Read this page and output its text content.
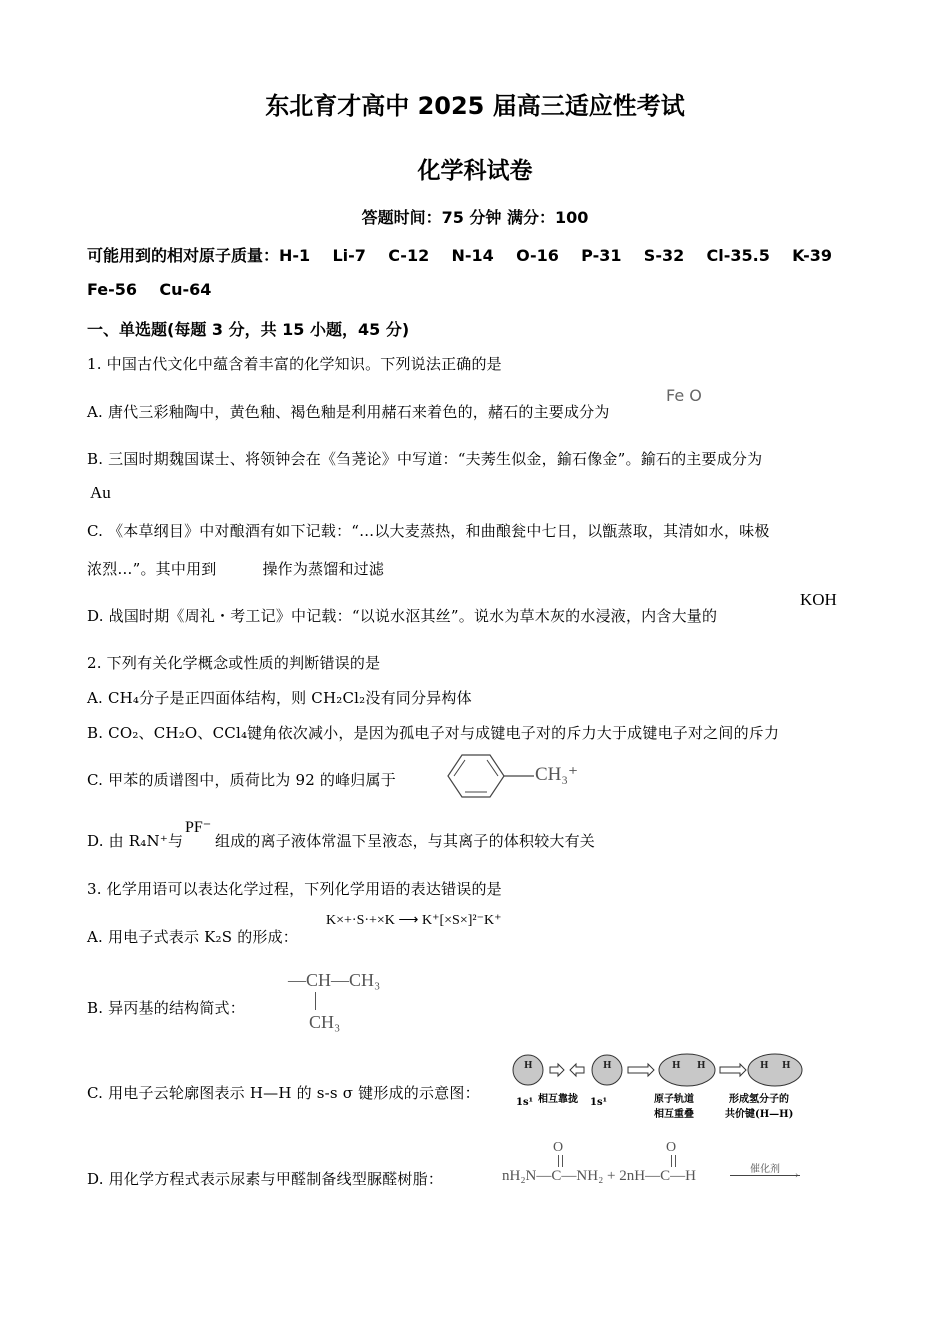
东北育才高中 2025 届高三适应性考试
化学科试卷
答题时间：75 分钟 满分：100
可能用到的相对原子质量：H-1    Li-7    C-12    N-14    O-16    P-31    S-32    Cl-35.5    K-39
Fe-56    Cu-64
一、单选题(每题 3 分，共 15 小题，45 分)
1. 中国古代文化中蕴含着丰富的化学知识。下列说法正确的是
A. 唐代三彩釉陶中，黄色釉、褐色釉是利用赭石来着色的，赭石的主要成分为
Fe O
B. 三国时期魏国谋士、将领钟会在《刍荛论》中写道：“夫莠生似金，鍮石像金”。鍮石的主要成分为
Au
C. 《本草纲目》中对酿酒有如下记载：“…以大麦蒸热，和曲酿瓮中七日，以甑蒸取，其清如水，味极
浓烈…”。其中用到	操作为蒸馏和过滤
D. 战国时期《周礼・考工记》中记载：“以说水沤其丝”。说水为草木灰的水浸液，内含大量的
KOH
2. 下列有关化学概念或性质的判断错误的是
A. CH₄分子是正四面体结构，则 CH₂Cl₂没有同分异构体
B. CO₂、CH₂O、CCl₄键角依次减小，是因为孤电子对与成键电子对的斥力大于成键电子对之间的斥力
C. 甲苯的质谱图中，质荷比为 92 的峰归属于	CH₃⁺
D. 由 R₄N⁺与
PF⁻
组成的离子液体常温下呈液态，与其离子的体积较大有关
3. 化学用语可以表达化学过程，下列化学用语的表达错误的是
A. 用电子式表示 K₂S 的形成：
K×+·S·+×K ⟶ K⁺[×S×]²⁻K⁺
B. 异丙基的结构简式：
—CH—CH₃
CH₃
C. 用电子云轮廓图表示 H—H 的 s-s σ 键形成的示意图：
H	H	H H	H H
1s¹ 相互靠拢 1s¹	原子轨道
相互重叠
形成氢分子的
共价键(H—H)
D. 用化学方程式表示尿素与甲醛制备线型脲醛树脂：
O	O
nH₂N—C—NH₂ + 2nH—C—H	催化剂
›
